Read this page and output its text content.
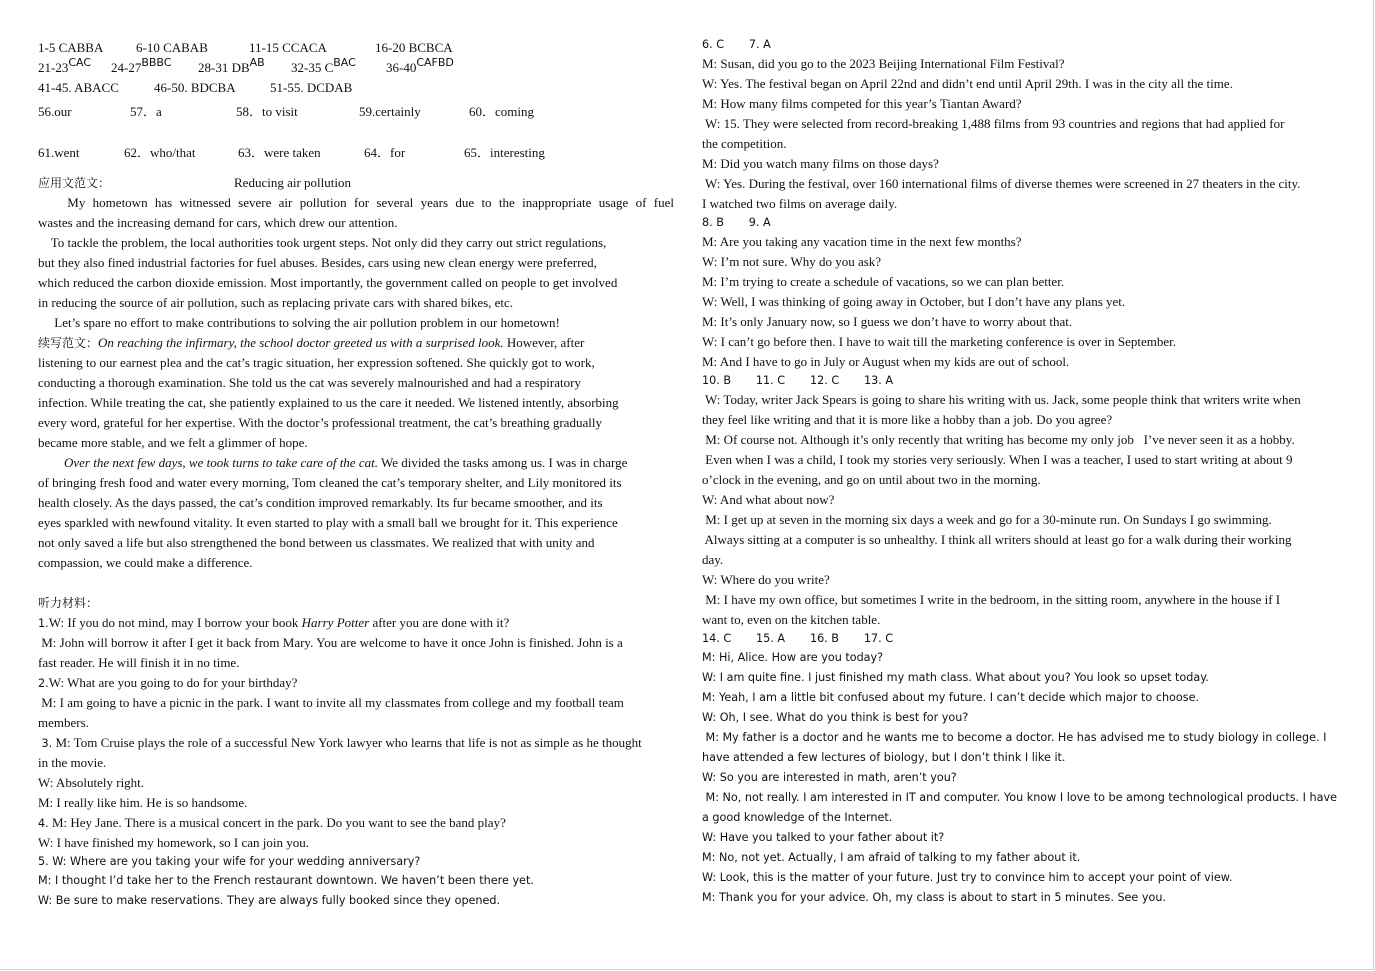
1-5 CABBA	6-10 CABAB	11-15 CCACA	16-20 BCBCA
$21-23^{CAC}$	$24-27^{BBBC}$	28-31 $DB^{AB}$	32-35 $C^{BAC}$	$36-40^{CAFBD}$
41-45. ABACC	46-50. BDCBA	51-55. DCDAB
56.our	57．a	58．to visit	59.certainly	60．coming
61.went	62．who/that	63．were taken	64．for	65．interesting
应用文范文：	Reducing air pollution
My hometown has witnessed severe air pollution for several years due to the inappropriate usage of fuel
wastes and the increasing demand for cars, which drew our attention.
To tackle the problem, the local authorities took urgent steps. Not only did they carry out strict regulations,
but they also fined industrial factories for fuel abuses. Besides, cars using new clean energy were preferred,
which reduced the carbon dioxide emission. Most importantly, the government called on people to get involved
in reducing the source of air pollution, such as replacing private cars with shared bikes, etc.
Let’s spare no effort to make contributions to solving the air pollution problem in our hometown!
续写范文：On reaching the infirmary, the school doctor greeted us with a surprised look. However, after
listening to our earnest plea and the cat’s tragic situation, her expression softened. She quickly got to work,
conducting a thorough examination. She told us the cat was severely malnourished and had a respiratory
infection. While treating the cat, she patiently explained to us the care it needed. We listened intently, absorbing
every word, grateful for her expertise. With the doctor’s professional treatment, the cat’s breathing gradually
became more stable, and we felt a glimmer of hope.
Over the next few days, we took turns to take care of the cat. We divided the tasks among us. I was in charge
of bringing fresh food and water every morning, Tom cleaned the cat’s temporary shelter, and Lily monitored its
health closely. As the days passed, the cat’s condition improved remarkably. Its fur became smoother, and its
eyes sparkled with newfound vitality. It even started to play with a small ball we brought for it. This experience
not only saved a life but also strengthened the bond between us classmates. We realized that with unity and
compassion, we could make a difference.
听力材料：
1.W: If you do not mind, may I borrow your book Harry Potter after you are done with it?
M: John will borrow it after I get it back from Mary. You are welcome to have it once John is finished. John is a
fast reader. He will finish it in no time.
2.W: What are you going to do for your birthday?
M: I am going to have a picnic in the park. I want to invite all my classmates from college and my football team
members.
3. M: Tom Cruise plays the role of a successful New York lawyer who learns that life is not as simple as he thought
in the movie.
W: Absolutely right.
M: I really like him. He is so handsome.
4. M: Hey Jane. There is a musical concert in the park. Do you want to see the band play?
W: I have finished my homework, so I can join you.
5. W: Where are you taking your wife for your wedding anniversary?
M: I thought I’d take her to the French restaurant downtown. We haven’t been there yet.
W: Be sure to make reservations. They are always fully booked since they opened.
6. C       7. A
M: Susan, did you go to the 2023 Beijing International Film Festival?
W: Yes. The festival began on April 22nd and didn’t end until April 29th. I was in the city all the time.
M: How many films competed for this year’s Tiantan Award?
W: 15. They were selected from record-breaking 1,488 films from 93 countries and regions that had applied for
the competition.
M: Did you watch many films on those days?
W: Yes. During the festival, over 160 international films of diverse themes were screened in 27 theaters in the city.
I watched two films on average daily.
8. B       9. A
M: Are you taking any vacation time in the next few months?
W: I’m not sure. Why do you ask?
M: I’m trying to create a schedule of vacations, so we can plan better.
W: Well, I was thinking of going away in October, but I don’t have any plans yet.
M: It’s only January now, so I guess we don’t have to worry about that.
W: I can’t go before then. I have to wait till the marketing conference is over in September.
M: And I have to go in July or August when my kids are out of school.
10. B       11. C       12. C       13. A
W: Today, writer Jack Spears is going to share his writing with us. Jack, some people think that writers write when
they feel like writing and that it is more like a hobby than a job. Do you agree?
M: Of course not. Although it’s only recently that writing has become my only job   I’ve never seen it as a hobby.
Even when I was a child, I took my stories very seriously. When I was a teacher, I used to start writing at about 9
o’clock in the evening, and go on until about two in the morning.
W: And what about now?
M: I get up at seven in the morning six days a week and go for a 30-minute run. On Sundays I go swimming.
Always sitting at a computer is so unhealthy. I think all writers should at least go for a walk during their working
day.
W: Where do you write?
M: I have my own office, but sometimes I write in the bedroom, in the sitting room, anywhere in the house if I
want to, even on the kitchen table.
14. C       15. A       16. B       17. C
M: Hi, Alice. How are you today?
W: I am quite fine. I just finished my math class. What about you? You look so upset today.
M: Yeah, I am a little bit confused about my future. I can’t decide which major to choose.
W: Oh, I see. What do you think is best for you?
M: My father is a doctor and he wants me to become a doctor. He has advised me to study biology in college. I
have attended a few lectures of biology, but I don’t think I like it.
W: So you are interested in math, aren’t you?
M: No, not really. I am interested in IT and computer. You know I love to be among technological products. I have
a good knowledge of the Internet.
W: Have you talked to your father about it?
M: No, not yet. Actually, I am afraid of talking to my father about it.
W: Look, this is the matter of your future. Just try to convince him to accept your point of view.
M: Thank you for your advice. Oh, my class is about to start in 5 minutes. See you.
